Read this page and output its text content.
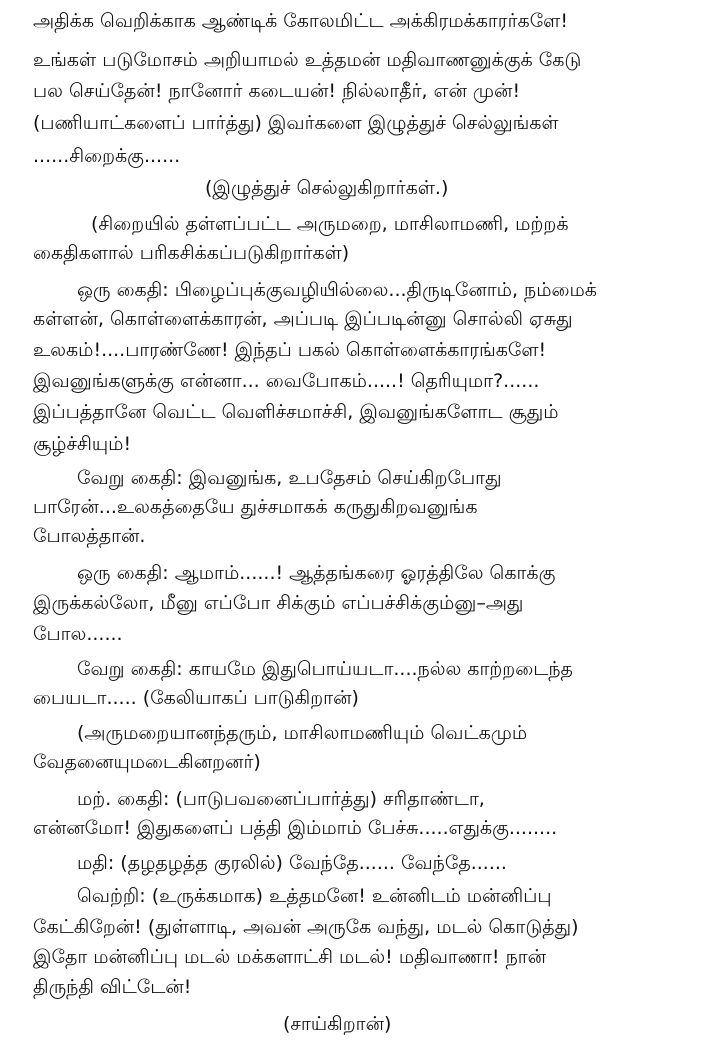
அதிக்க வெறிக்காக ஆண்டிக் கோலமிட்ட அக்கிரமக்காரர்களே!
உங்கள் படுமோசம் அறியாமல் உத்தமன் மதிவாணனுக்குக் கேடு
பல செய்தேன்! நானோர் கடையன்! நில்லாதீர், என் முன்!
(பணியாட்களைப் பார்த்து) இவர்களை இழுத்துச் செல்லுங்கள்
......சிறைக்கு......
(இழுத்துச் செல்லுகிறார்கள்.)
(சிறையில் தள்ளப்பட்ட அருமறை, மாசிலாமணி, மற்றக்
கைதிகளால் பரிகசிக்கப்படுகிறார்கள்)
ஒரு கைதி: பிழைப்புக்குவழியில்லை...திருடினோம், நம்மைக்
கள்ளன், கொள்ளைக்காரன், அப்படி இப்படின்னு சொல்லி ஏசுது
உலகம்!....பாரண்ணே! இந்தப் பகல் கொள்ளைக்காரங்களே!
இவனுங்களுக்கு என்னா... வைபோகம்.....! தெரியுமா?......
இப்பத்தானே வெட்ட வெளிச்சமாச்சி, இவனுங்களோட சூதும்
சூழ்ச்சியும்!
வேறு கைதி: இவனுங்க, உபதேசம் செய்கிறபோது
பாரேன்...உலகத்தையே துச்சமாகக் கருதுகிறவனுங்க
போலத்தான்.
ஒரு கைதி: ஆமாம்......! ஆத்தங்கரை ஓரத்திலே கொக்கு
இருக்கல்லோ, மீனு எப்போ சிக்கும் எப்பச்சிக்கும்னு–அது
போல......
வேறு கைதி: காயமே இதுபொய்யடா....நல்ல காற்றடைந்த
பையடா..... (கேலியாகப் பாடுகிறான்)
(அருமறையானந்தரும், மாசிலாமணியும் வெட்கமும்
வேதனையுமடைகினறனர்)
மற். கைதி: (பாடுபவனைப்பார்த்து) சரிதாண்டா,
என்னமோ! இதுகளைப் பத்தி இம்மாம் பேச்சு.....எதுக்கு........
மதி: (தழதழத்த குரலில்) வேந்தே...... வேந்தே......
வெற்றி: (உருக்கமாக) உத்தமனே! உன்னிடம் மன்னிப்பு
கேட்கிறேன்! (துள்ளாடி, அவன் அருகே வந்து, மடல் கொடுத்து)
இதோ மன்னிப்பு மடல் மக்களாட்சி மடல்! மதிவாணா! நான்
திருந்தி விட்டேன்!
(சாய்கிறான்)
